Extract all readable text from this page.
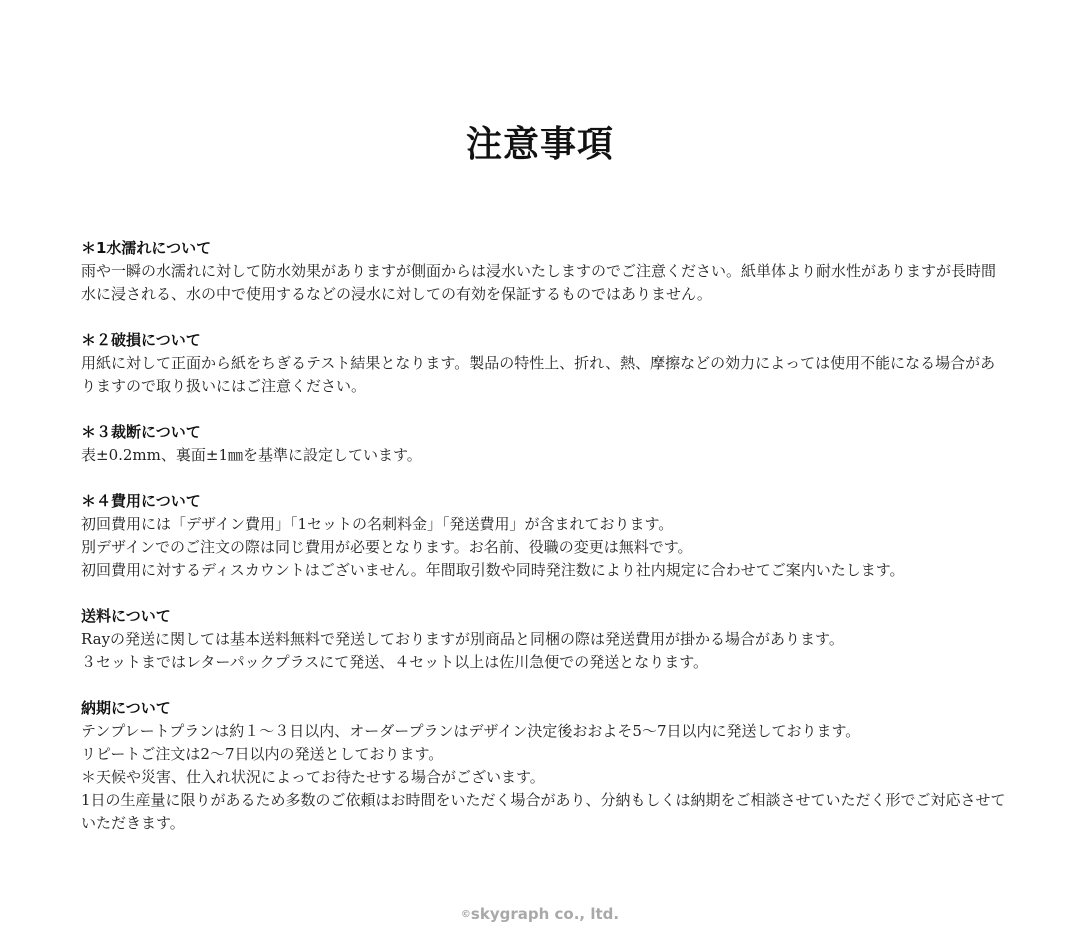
注意事項
＊1水濡れについて
雨や一瞬の水濡れに対して防水効果がありますが側面からは浸水いたしますのでご注意ください。紙単体より耐水性がありますが長時間水に浸される、水の中で使用するなどの浸水に対しての有効を保証するものではありません。
＊２破損について
用紙に対して正面から紙をちぎるテスト結果となります。製品の特性上、折れ、熱、摩擦などの効力によっては使用不能になる場合がありますので取り扱いにはご注意ください。
＊３裁断について
表±0.2mm、裏面±1㎜を基準に設定しています。
＊４費用について
初回費用には「デザイン費用」「1セットの名刺料金」「発送費用」が含まれております。
別デザインでのご注文の際は同じ費用が必要となります。お名前、役職の変更は無料です。
初回費用に対するディスカウントはございません。年間取引数や同時発注数により社内規定に合わせてご案内いたします。
送料について
Rayの発送に関しては基本送料無料で発送しておりますが別商品と同梱の際は発送費用が掛かる場合があります。
３セットまではレターパックプラスにて発送、４セット以上は佐川急便での発送となります。
納期について
テンプレートプランは約１～３日以内、オーダープランはデザイン決定後おおよそ5～7日以内に発送しております。
リピートご注文は2～7日以内の発送としております。
＊天候や災害、仕入れ状況によってお待たせする場合がございます。
1日の生産量に限りがあるため多数のご依頼はお時間をいただく場合があり、分納もしくは納期をご相談させていただく形でご対応させていただきます。
©skygraph co., ltd.
